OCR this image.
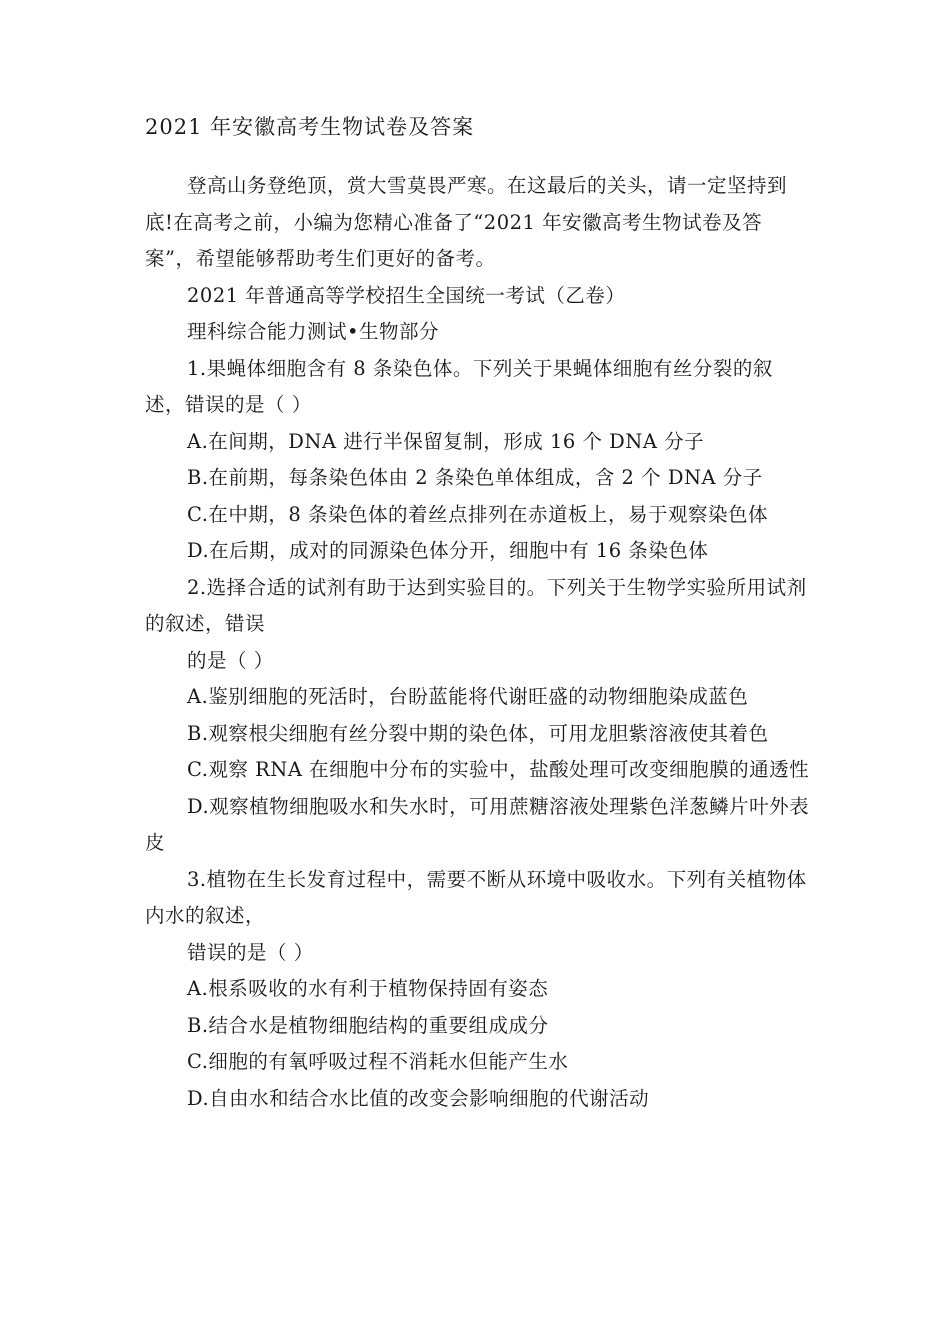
2021 年安徽高考生物试卷及答案

登高山务登绝顶，赏大雪莫畏严寒。在这最后的关头，请一定坚持到底!在高考之前，小编为您精心准备了“2021 年安徽高考生物试卷及答案”，希望能够帮助考生们更好的备考。

2021 年普通高等学校招生全国统一考试（乙卷）

理科综合能力测试•生物部分

1.果蝇体细胞含有 8 条染色体。下列关于果蝇体细胞有丝分裂的叙述，错误的是（ ）

A.在间期，DNA 进行半保留复制，形成 16 个 DNA 分子

B.在前期，每条染色体由 2 条染色单体组成，含 2 个 DNA 分子

C.在中期，8 条染色体的着丝点排列在赤道板上，易于观察染色体

D.在后期，成对的同源染色体分开，细胞中有 16 条染色体

2.选择合适的试剂有助于达到实验目的。下列关于生物学实验所用试剂的叙述，错误

的是（ ）

A.鉴别细胞的死活时，台盼蓝能将代谢旺盛的动物细胞染成蓝色

B.观察根尖细胞有丝分裂中期的染色体，可用龙胆紫溶液使其着色

C.观察 RNA 在细胞中分布的实验中，盐酸处理可改变细胞膜的通透性

D.观察植物细胞吸水和失水时，可用蔗糖溶液处理紫色洋葱鳞片叶外表皮

3.植物在生长发育过程中，需要不断从环境中吸收水。下列有关植物体内水的叙述，

错误的是（ ）

A.根系吸收的水有利于植物保持固有姿态

B.结合水是植物细胞结构的重要组成成分

C.细胞的有氧呼吸过程不消耗水但能产生水

D.自由水和结合水比值的改变会影响细胞的代谢活动
